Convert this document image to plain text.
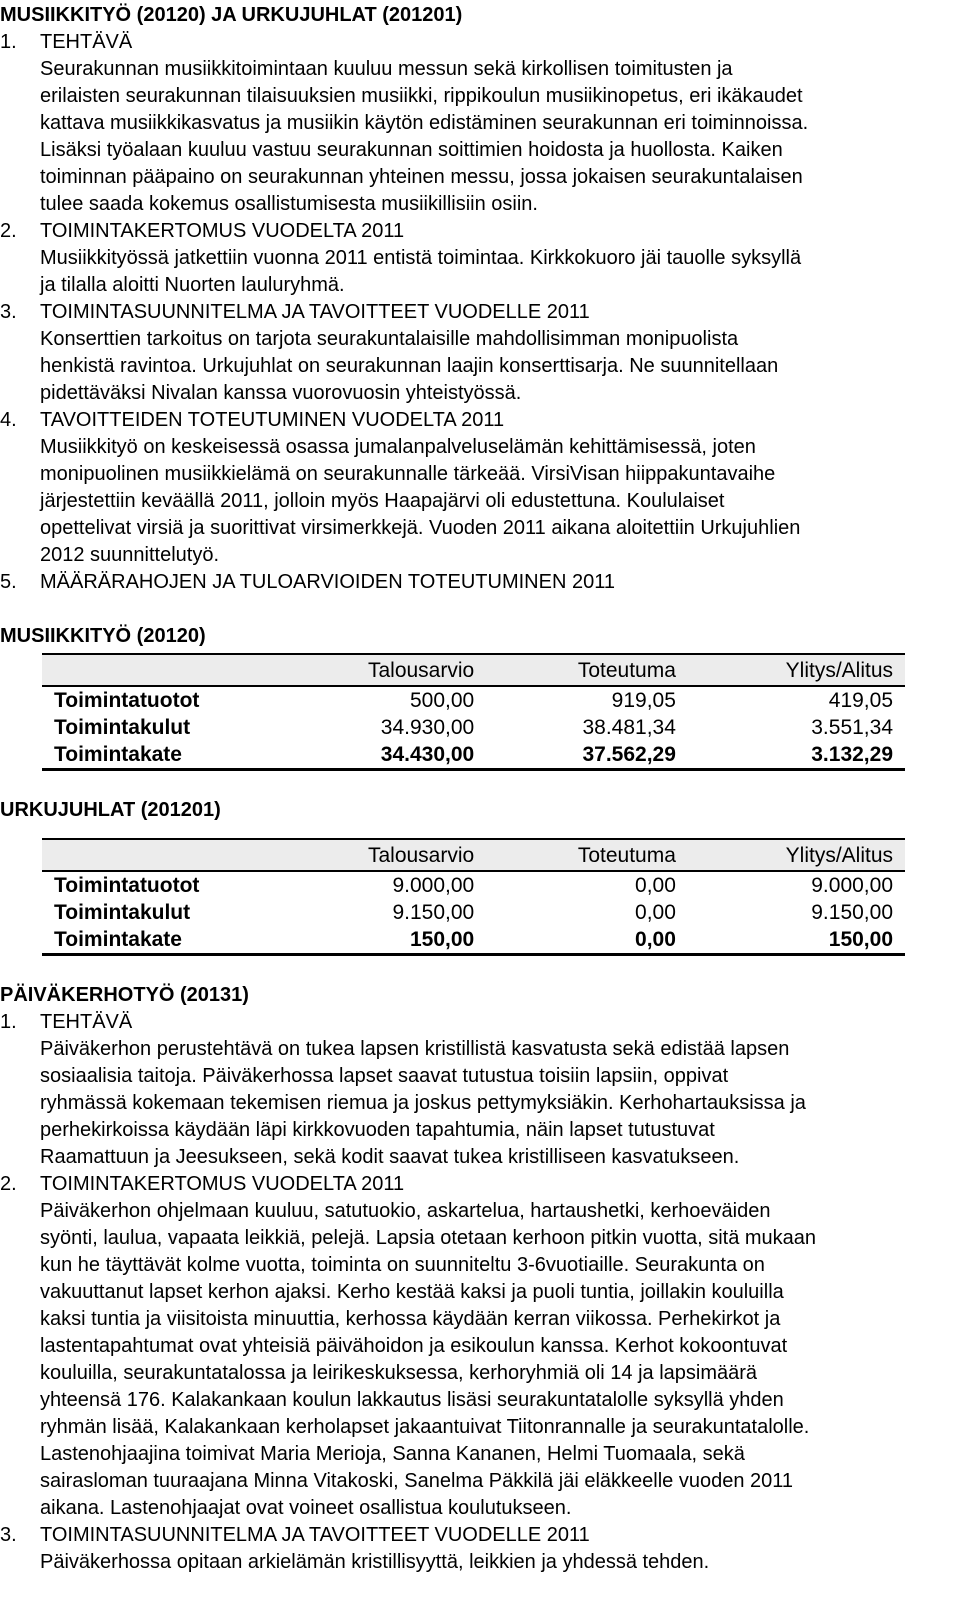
MUSIIKKITYÖ (20120) JA URKUJUHLAT (201201)
1.	TEHTÄVÄ
Seurakunnan musiikkitoimintaan kuuluu messun sekä kirkollisen toimitusten ja
erilaisten seurakunnan tilaisuuksien musiikki, rippikoulun musiikinopetus, eri ikäkaudet
kattava musiikkikasvatus ja musiikin käytön edistäminen seurakunnan eri toiminnoissa.
Lisäksi työalaan kuuluu vastuu seurakunnan soittimien hoidosta ja huollosta. Kaiken
toiminnan pääpaino on seurakunnan yhteinen messu, jossa jokaisen seurakuntalaisen
tulee saada kokemus osallistumisesta musiikillisiin osiin.
2.	TOIMINTAKERTOMUS VUODELTA 2011
Musiikkityössä jatkettiin vuonna 2011 entistä toimintaa. Kirkkokuoro jäi tauolle syksyllä
ja tilalla aloitti Nuorten lauluryhmä.
3.	TOIMINTASUUNNITELMA JA TAVOITTEET VUODELLE 2011
Konserttien tarkoitus on tarjota seurakuntalaisille mahdollisimman monipuolista
henkistä ravintoa. Urkujuhlat on seurakunnan laajin konserttisarja. Ne suunnitellaan
pidettäväksi Nivalan kanssa vuorovuosin yhteistyössä.
4.	TAVOITTEIDEN TOTEUTUMINEN VUODELTA 2011
Musiikkityö on keskeisessä osassa jumalanpalveluselämän kehittämisessä, joten
monipuolinen musiikkielämä on seurakunnalle tärkeää. VirsiVisan hiippakuntavaihe
järjestettiin keväällä 2011, jolloin myös Haapajärvi oli edustettuna. Koululaiset
opettelivat virsiä ja suorittivat virsimerkkejä. Vuoden 2011 aikana aloitettiin Urkujuhlien
2012 suunnittelutyö.
5.	MÄÄRÄRAHOJEN JA TULOARVIOIDEN TOTEUTUMINEN 2011
MUSIIKKITYÖ (20120)
	Talousarvio	Toteutuma	Ylitys/Alitus
Toimintatuotot	500,00	919,05	419,05
Toimintakulut	34.930,00	38.481,34	3.551,34
Toimintakate	34.430,00	37.562,29	3.132,29
URKUJUHLAT (201201)
	Talousarvio	Toteutuma	Ylitys/Alitus
Toimintatuotot	9.000,00	0,00	9.000,00
Toimintakulut	9.150,00	0,00	9.150,00
Toimintakate	150,00	0,00	150,00
PÄIVÄKERHOTYÖ (20131)
1.	TEHTÄVÄ
Päiväkerhon perustehtävä on tukea lapsen kristillistä kasvatusta sekä edistää lapsen
sosiaalisia taitoja. Päiväkerhossa lapset saavat tutustua toisiin lapsiin, oppivat
ryhmässä kokemaan tekemisen riemua ja joskus pettymyksiäkin. Kerhohartauksissa ja
perhekirkoissa käydään läpi kirkkovuoden tapahtumia, näin lapset tutustuvat
Raamattuun ja Jeesukseen, sekä kodit saavat tukea kristilliseen kasvatukseen.
2.	TOIMINTAKERTOMUS VUODELTA 2011
Päiväkerhon ohjelmaan kuuluu, satutuokio, askartelua, hartaushetki, kerhoeväiden
syönti, laulua, vapaata leikkiä, pelejä. Lapsia otetaan kerhoon pitkin vuotta, sitä mukaan
kun he täyttävät kolme vuotta, toiminta on suunniteltu 3-6vuotiaille. Seurakunta on
vakuuttanut lapset kerhon ajaksi. Kerho kestää kaksi ja puoli tuntia, joillakin kouluilla
kaksi tuntia ja viisitoista minuuttia, kerhossa käydään kerran viikossa. Perhekirkot ja
lastentapahtumat ovat yhteisiä päivähoidon ja esikoulun kanssa. Kerhot kokoontuvat
kouluilla, seurakuntatalossa ja leirikeskuksessa, kerhoryhmiä oli 14 ja lapsimäärä
yhteensä 176. Kalakankaan koulun lakkautus lisäsi seurakuntatalolle syksyllä yhden
ryhmän lisää, Kalakankaan kerholapset jakaantuivat Tiitonrannalle ja seurakuntatalolle.
Lastenohjaajina toimivat Maria Merioja, Sanna Kananen, Helmi Tuomaala, sekä
sairasloman tuuraajana Minna Vitakoski, Sanelma Päkkilä jäi eläkkeelle vuoden 2011
aikana. Lastenohjaajat ovat voineet osallistua koulutukseen.
3.	TOIMINTASUUNNITELMA JA TAVOITTEET VUODELLE 2011
Päiväkerhossa opitaan arkielämän kristillisyyttä, leikkien ja yhdessä tehden.
